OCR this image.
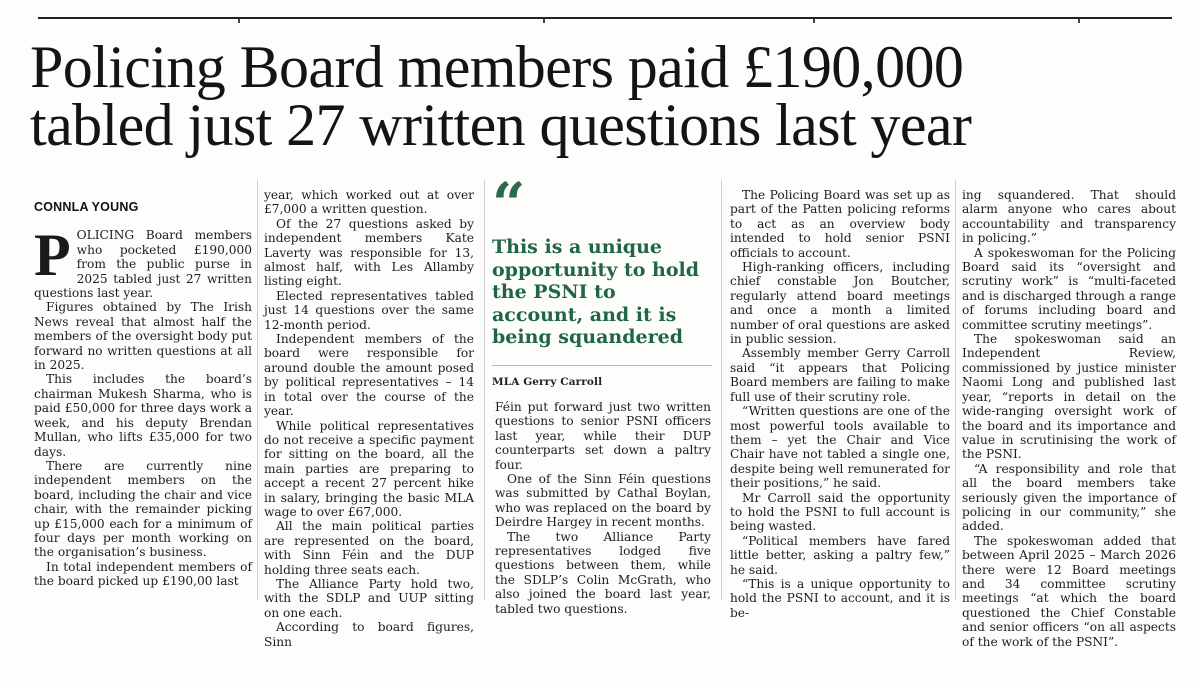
Policing Board members paid £190,000
tabled just 27 written questions last year
CONNLA YOUNG

POLICING Board members who pocketed £190,000 from the public purse in 2025 tabled just 27 written questions last year.

Figures obtained by The Irish News reveal that almost half the members of the oversight body put forward no written questions at all in 2025.

This includes the board’s chairman Mukesh Sharma, who is paid £50,000 for three days work a week, and his deputy Brendan Mullan, who lifts £35,000 for two days.

There are currently nine independent members on the board, including the chair and vice chair, with the remainder picking up £15,000 each for a minimum of four days per month working on the organisation’s business.

In total independent members of the board picked up £190,00 last

year, which worked out at over £7,000 a written question.

Of the 27 questions asked by independent members Kate Laverty was responsible for 13, almost half, with Les Allamby listing eight.

Elected representatives tabled just 14 questions over the same 12-month period.

Independent members of the board were responsible for around double the amount posed by political representatives – 14 in total over the course of the year.

While political representatives do not receive a specific payment for sitting on the board, all the main parties are preparing to accept a recent 27 percent hike in salary, bringing the basic MLA wage to over £67,000.

All the main political parties are represented on the board, with Sinn Féin and the DUP holding three seats each.

The Alliance Party hold two, with the SDLP and UUP sitting on one each.

According to board figures, Sinn

“
This is a unique opportunity to hold the PSNI to account, and it is being squandered
MLA Gerry Carroll

Féin put forward just two written questions to senior PSNI officers last year, while their DUP counterparts set down a paltry four.

One of the Sinn Féin questions was submitted by Cathal Boylan, who was replaced on the board by Deirdre Hargey in recent months.

The two Alliance Party representatives lodged five questions between them, while the SDLP’s Colin McGrath, who also joined the board last year, tabled two questions.

The Policing Board was set up as part of the Patten policing reforms to act as an overview body intended to hold senior PSNI officials to account.

High-ranking officers, including chief constable Jon Boutcher, regularly attend board meetings and once a month a limited number of oral questions are asked in public session.

Assembly member Gerry Carroll said “it appears that Policing Board members are failing to make full use of their scrutiny role.

“Written questions are one of the most powerful tools available to them – yet the Chair and Vice Chair have not tabled a single one, despite being well remunerated for their positions,” he said.

Mr Carroll said the opportunity to hold the PSNI to full account is being wasted.

“Political members have fared little better, asking a paltry few,” he said.

“This is a unique opportunity to hold the PSNI to account, and it is be-

ing squandered. That should alarm anyone who cares about accountability and transparency in policing.”

A spokeswoman for the Policing Board said its “oversight and scrutiny work” is “multi-faceted and is discharged through a range of forums including board and committee scrutiny meetings”.

The spokeswoman said an Independent Review, commissioned by justice minister Naomi Long and published last year, “reports in detail on the wide-ranging oversight work of the board and its importance and value in scrutinising the work of the PSNI.

“A responsibility and role that all the board members take seriously given the importance of policing in our community,” she added.

The spokeswoman added that between April 2025 – March 2026 there were 12 Board meetings and 34 committee scrutiny meetings “at which the board questioned the Chief Constable and senior officers “on all aspects of the work of the PSNI”.
